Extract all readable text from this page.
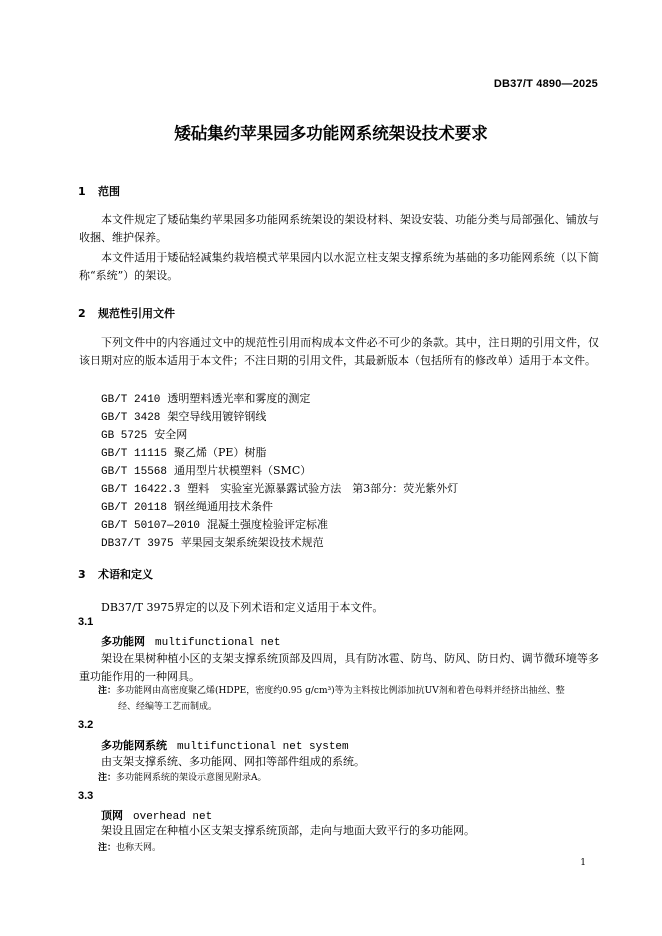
DB37/T 4890—2025
矮砧集约苹果园多功能网系统架设技术要求
1 范围
本文件规定了矮砧集约苹果园多功能网系统架设的架设材料、架设安装、功能分类与局部强化、铺放与收捆、维护保养。
本文件适用于矮砧轻减集约栽培模式苹果园内以水泥立柱支架支撑系统为基础的多功能网系统（以下简称“系统”）的架设。
2 规范性引用文件
下列文件中的内容通过文中的规范性引用而构成本文件必不可少的条款。其中，注日期的引用文件，仅该日期对应的版本适用于本文件；不注日期的引用文件，其最新版本（包括所有的修改单）适用于本文件。
GB/T 2410 透明塑料透光率和雾度的测定
GB/T 3428 架空导线用镀锌钢线
GB 5725 安全网
GB/T 11115 聚乙烯（PE）树脂
GB/T 15568 通用型片状模塑料（SMC）
GB/T 16422.3 塑料　实验室光源暴露试验方法　第3部分：荧光紫外灯
GB/T 20118 钢丝绳通用技术条件
GB/T 50107—2010 混凝土强度检验评定标准
DB37/T 3975 苹果园支架系统架设技术规范
3 术语和定义
DB37/T 3975界定的以及下列术语和定义适用于本文件。
3.1
多功能网 multifunctional net
架设在果树种植小区的支架支撑系统顶部及四周，具有防冰雹、防鸟、防风、防日灼、调节微环境等多重功能作用的一种网具。
注：多功能网由高密度聚乙烯(HDPE，密度约0.95 g/cm³)等为主料按比例添加抗UV剂和着色母料并经挤出抽丝、整
经、经编等工艺而制成。
3.2
多功能网系统 multifunctional net system
由支架支撑系统、多功能网、网扣等部件组成的系统。
注：多功能网系统的架设示意图见附录A。
3.3
顶网 overhead net
架设且固定在种植小区支架支撑系统顶部，走向与地面大致平行的多功能网。
注：也称天网。
1
